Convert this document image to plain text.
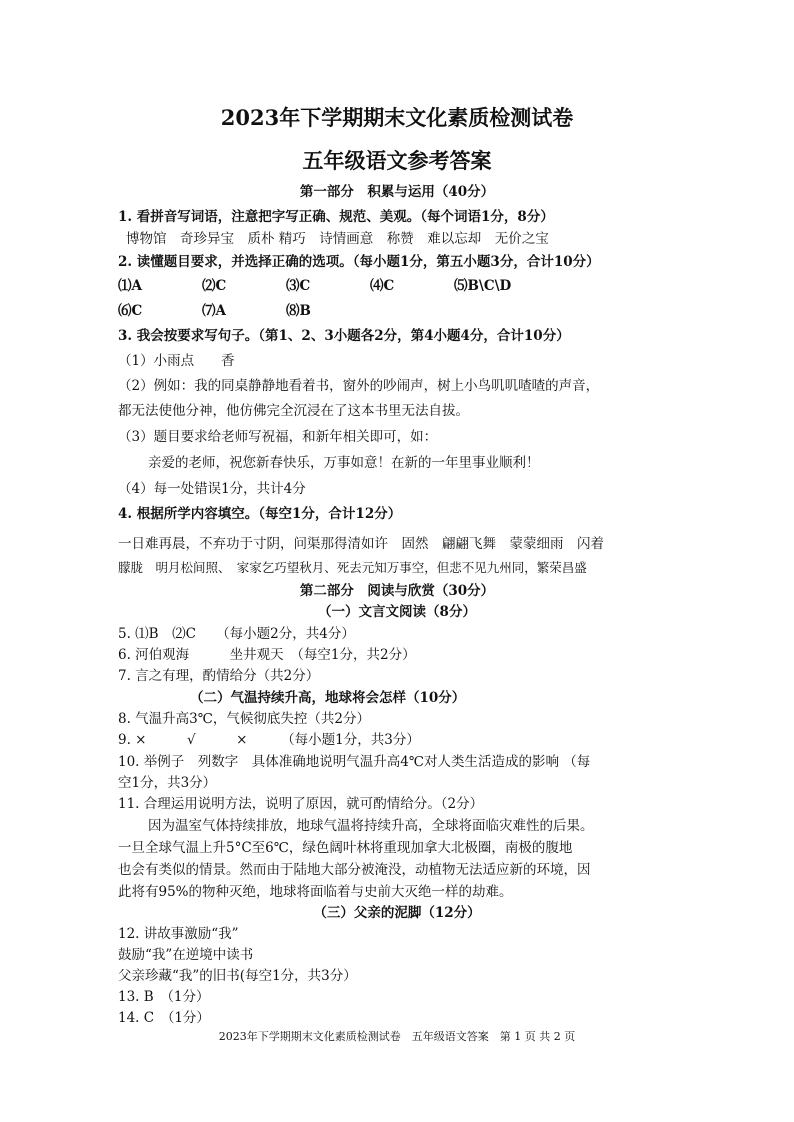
2023年下学期期末文化素质检测试卷
五年级语文参考答案
第一部分　积累与运用（40分）
1. 看拼音写词语，注意把字写正确、规范、美观。（每个词语1分，8分）
博物馆　奇珍异宝　质朴 精巧　诗情画意　称赞　难以忘却　无价之宝
2. 读懂题目要求，并选择正确的选项。（每小题1分，第五小题3分，合计10分）
⑴A	⑵C	⑶C	⑷C	⑸B\C\D
⑹C	⑺A	⑻B
3. 我会按要求写句子。（第1、2、3小题各2分，第4小题4分，合计10分）
（1）小雨点　　香
（2）例如：我的同桌静静地看着书，窗外的吵闹声，树上小鸟叽叽喳喳的声音，
都无法使他分神，他仿佛完全沉浸在了这本书里无法自拔。
（3）题目要求给老师写祝福，和新年相关即可，如：
亲爱的老师，祝您新春快乐，万事如意！在新的一年里事业顺利！
（4）每一处错误1分，共计4分
4. 根据所学内容填空。（每空1分，合计12分）
一日难再晨，不弃功于寸阴，问渠那得清如许　固然　翩翩飞舞　蒙蒙细雨　闪着
朦胧　明月松间照、　家家乞巧望秋月、死去元知万事空，但悲不见九州同，繁荣昌盛
第二部分　阅读与欣赏（30分）
（一）文言文阅读（8分）
5. ⑴B　⑵C　　（每小题2分，共4分）
6. 河伯观海　　　坐井观天　（每空1分，共2分）
7. 言之有理，酌情给分（共2分）
（二）气温持续升高，地球将会怎样（10分）
8. 气温升高3℃，气候彻底失控（共2分）
9. ×　　　√　　　×　　　（每小题1分，共3分）
10. 举例子　列数字　具体准确地说明气温升高4℃对人类生活造成的影响 （每
空1分，共3分）
11. 合理运用说明方法，说明了原因，就可酌情给分。（2分）
因为温室气体持续排放，地球气温将持续升高，全球将面临灾难性的后果。
一旦全球气温上升5°C至6℃，绿色阔叶林将重现加拿大北极圈，南极的腹地
也会有类似的情景。然而由于陆地大部分被淹没，动植物无法适应新的环境，因
此将有95%的物种灭绝，地球将面临着与史前大灭绝一样的劫难。
（三）父亲的泥脚（12分）
12. 讲故事激励“我”
鼓励“我”在逆境中读书
父亲珍藏“我”的旧书(每空1分，共3分）
13. B　（1分）
14. C　（1分）
2023年下学期期末文化素质检测试卷　五年级语文答案　第 1 页 共 2 页
